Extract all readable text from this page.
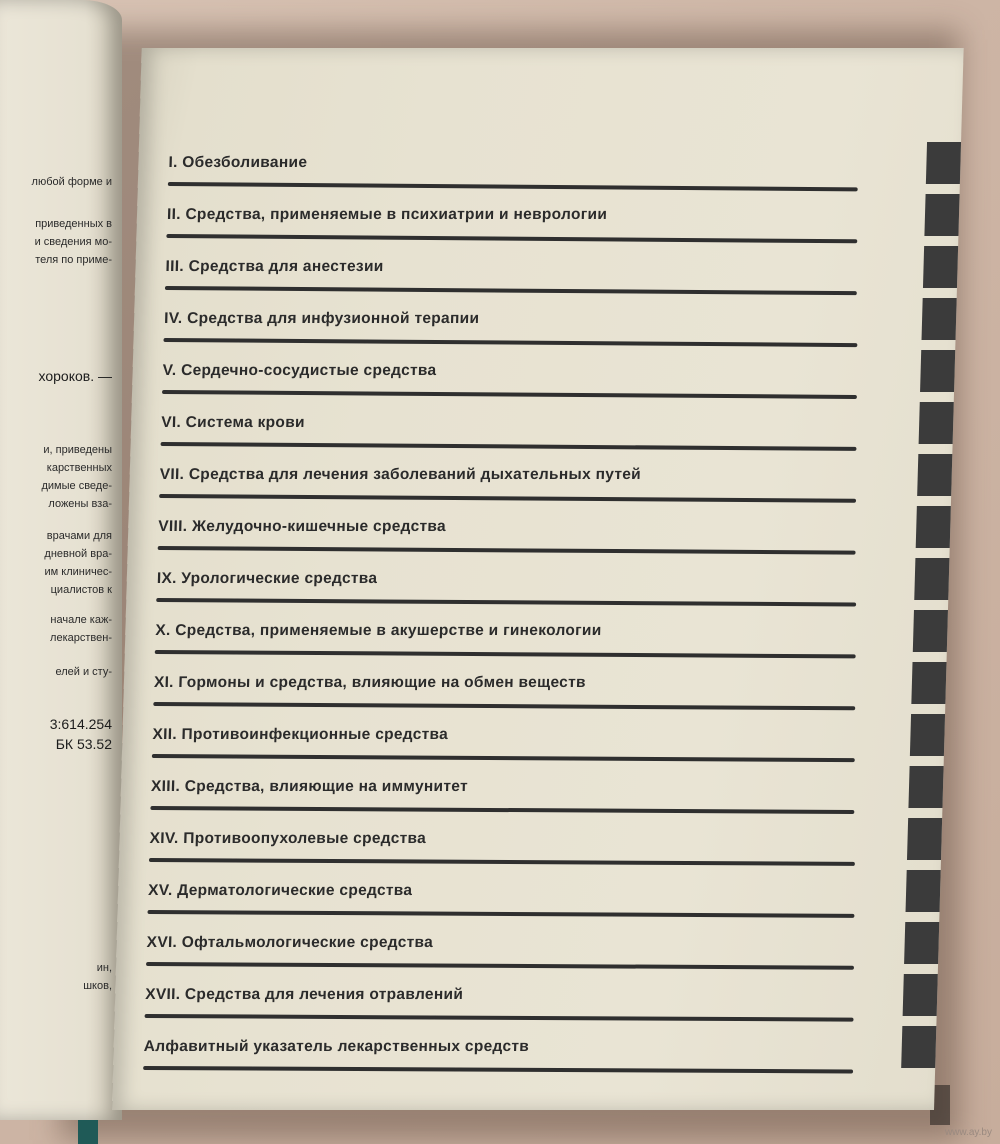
любой форме и
приведенных в
и сведения мо-
теля по приме-
хороков. —
и, приведены
карственных
димые сведе-
ложены вза-
врачами для
дневной вра-
им клиничес-
циалистов к
начале каж-
лекарствен-
елей и сту-
3:614.254
БК 53.52
ин,
шков,
I. Обезболивание
II. Средства, применяемые в психиатрии и неврологии
III. Средства для анестезии
IV. Средства для инфузионной терапии
V. Сердечно-сосудистые средства
VI. Система крови
VII. Средства для лечения заболеваний дыхательных путей
VIII. Желудочно-кишечные средства
IX. Урологические средства
X. Средства, применяемые в акушерстве и гинекологии
XI. Гормоны и средства, влияющие на обмен веществ
XII. Противоинфекционные средства
XIII. Средства, влияющие на иммунитет
XIV. Противоопухолевые средства
XV. Дерматологические средства
XVI. Офтальмологические средства
XVII. Средства для лечения отравлений
Алфавитный указатель лекарственных средств
www.ay.by
